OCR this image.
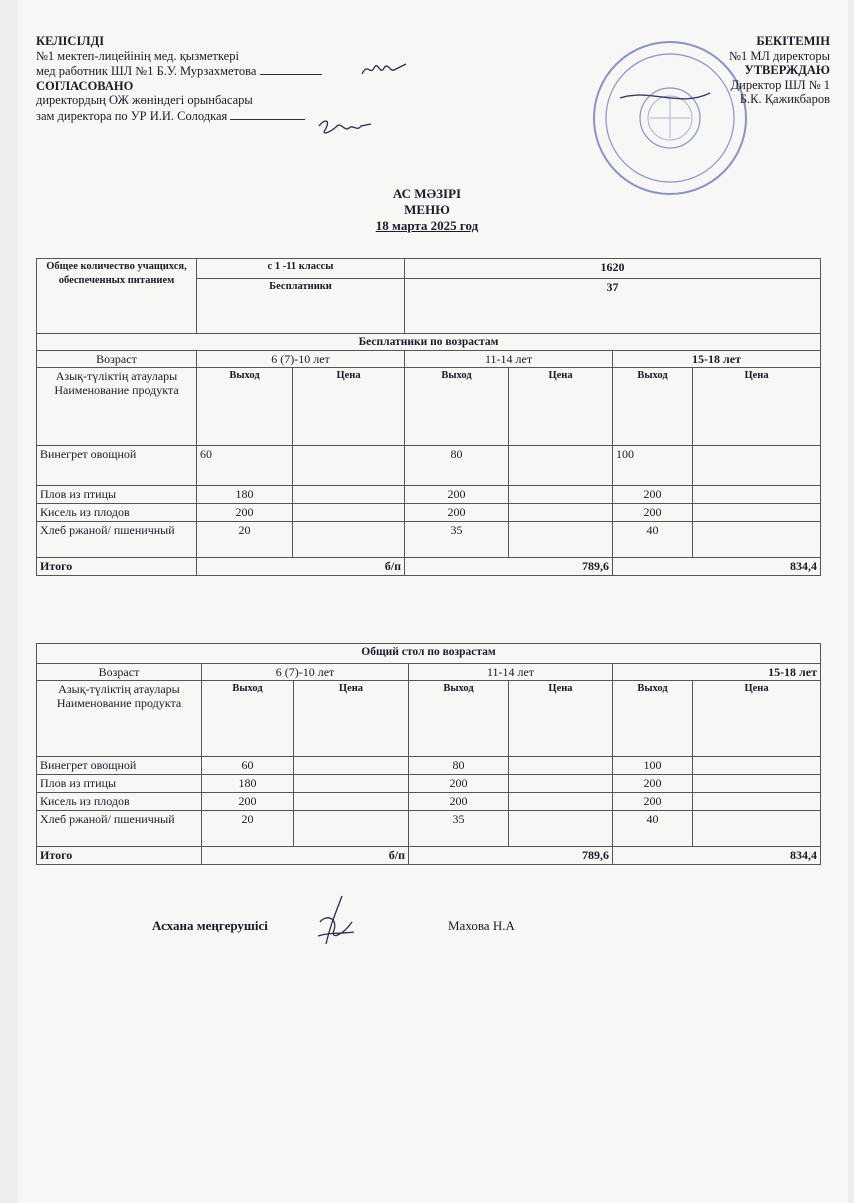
КЕЛІСІЛДІ
№1 мектеп-лицейінің мед. қызметкері
мед работник ШЛ №1 Б.У. Мурзахметова
СОГЛАСОВАНО
директордың ОЖ жөніндегі орынбасары
зам директора по УР И.И. Солодкая
БЕКІТЕМІН
№1 МЛ директоры
УТВЕРЖДАЮ
Директор ШЛ № 1
Б.К. Қажикбаров
АС МӘЗІРІ
МЕНЮ
18 марта 2025 год
Общее количество учащихся, обеспеченных питанием	с 1 -11 классы		1620			
	Бесплатники		37			
Бесплатники по возрастам						
Возраст	6 (7)-10 лет		11-14 лет		15-18 лет	
Азық-түліктің атаулары Наименование продукта	Выход	Цена	Выход	Цена	Выход	Цена
Винегрет овощной	60		80		100	
Плов из птицы	180		200		200	
Кисель из плодов	200		200		200	
Хлеб ржаной/ пшеничный	20		35		40	
Итого	б/п		789,6		834,4	
Общий стол по возрастам						
Возраст	6 (7)-10 лет		11-14 лет		15-18 лет	
Азық-түліктің атаулары Наименование продукта	Выход	Цена	Выход	Цена	Выход	Цена
Винегрет овощной	60		80		100	
Плов из птицы	180		200		200	
Кисель из плодов	200		200		200	
Хлеб ржаной/ пшеничный	20		35		40	
Итого	б/п		789,6		834,4	
Асхана меңгерушісі	Махова Н.А
